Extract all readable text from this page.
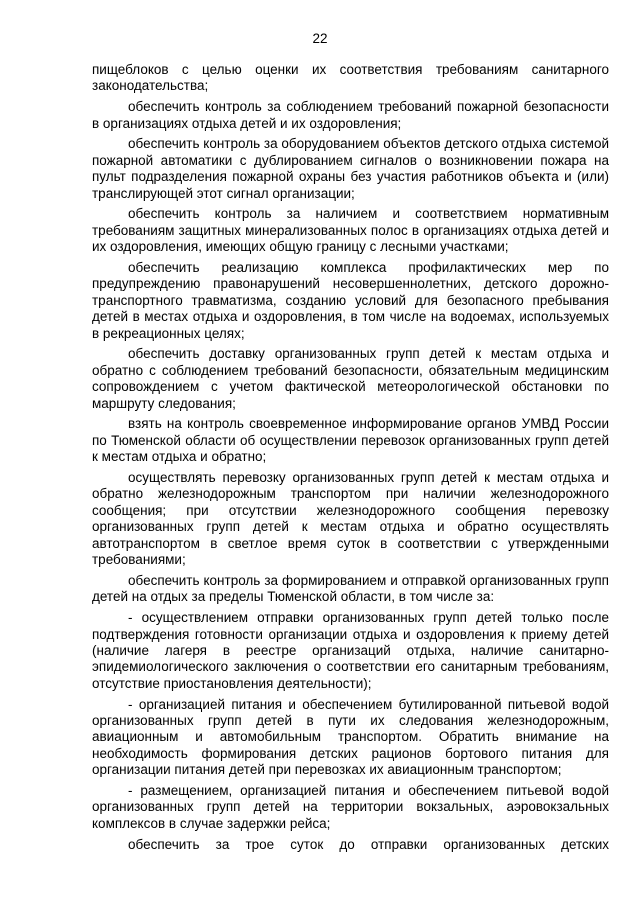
22

пищеблоков с целью оценки их соответствия требованиям санитарного законодательства;

обеспечить контроль за соблюдением требований пожарной безопасности в организациях отдыха детей и их оздоровления;

обеспечить контроль за оборудованием объектов детского отдыха системой пожарной автоматики с дублированием сигналов о возникновении пожара на пульт подразделения пожарной охраны без участия работников объекта и (или) транслирующей этот сигнал организации;

обеспечить контроль за наличием и соответствием нормативным требованиям защитных минерализованных полос в организациях отдыха детей и их оздоровления, имеющих общую границу с лесными участками;

обеспечить реализацию комплекса профилактических мер по предупреждению правонарушений несовершеннолетних, детского дорожно-транспортного травматизма, созданию условий для безопасного пребывания детей в местах отдыха и оздоровления, в том числе на водоемах, используемых в рекреационных целях;

обеспечить доставку организованных групп детей к местам отдыха и обратно с соблюдением требований безопасности, обязательным медицинским сопровождением с учетом фактической метеорологической обстановки по маршруту следования;

взять на контроль своевременное информирование органов УМВД России по Тюменской области об осуществлении перевозок организованных групп детей к местам отдыха и обратно;

осуществлять перевозку организованных групп детей к местам отдыха и обратно железнодорожным транспортом при наличии железнодорожного сообщения; при отсутствии железнодорожного сообщения перевозку организованных групп детей к местам отдыха и обратно осуществлять автотранспортом в светлое время суток в соответствии с утвержденными требованиями;

обеспечить контроль за формированием и отправкой организованных групп детей на отдых за пределы Тюменской области, в том числе за:

- осуществлением отправки организованных групп детей только после подтверждения готовности организации отдыха и оздоровления к приему детей (наличие лагеря в реестре организаций отдыха, наличие санитарно-эпидемиологического заключения о соответствии его санитарным требованиям, отсутствие приостановления деятельности);

- организацией питания и обеспечением бутилированной питьевой водой организованных групп детей в пути их следования железнодорожным, авиационным и автомобильным транспортом. Обратить внимание на необходимость формирования детских рационов бортового питания для организации питания детей при перевозках их авиационным транспортом;

- размещением, организацией питания и обеспечением питьевой водой организованных групп детей на территории вокзальных, аэровокзальных комплексов в случае задержки рейса;

обеспечить за трое суток до отправки организованных детских
